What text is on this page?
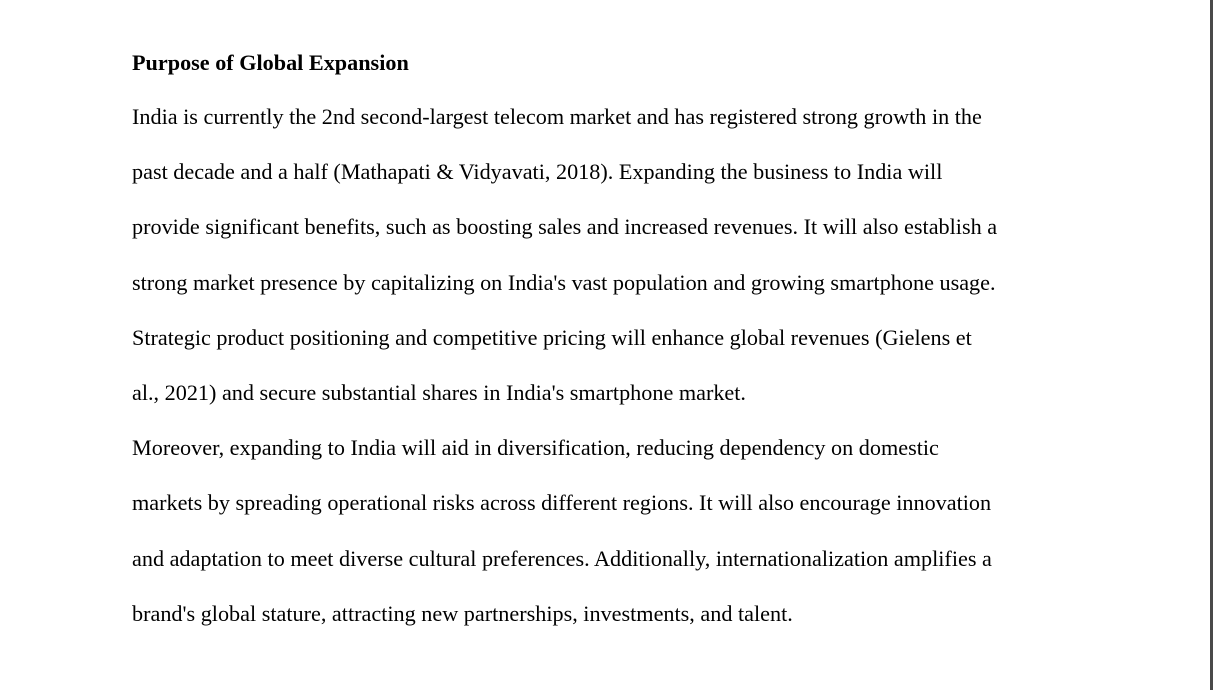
Purpose of Global Expansion
India is currently the 2nd second-largest telecom market and has registered strong growth in the
past decade and a half (Mathapati & Vidyavati, 2018). Expanding the business to India will
provide significant benefits, such as boosting sales and increased revenues. It will also establish a
strong market presence by capitalizing on India's vast population and growing smartphone usage.
Strategic product positioning and competitive pricing will enhance global revenues (Gielens et
al., 2021) and secure substantial shares in India's smartphone market.
Moreover, expanding to India will aid in diversification, reducing dependency on domestic
markets by spreading operational risks across different regions. It will also encourage innovation
and adaptation to meet diverse cultural preferences. Additionally, internationalization amplifies a
brand's global stature, attracting new partnerships, investments, and talent.
